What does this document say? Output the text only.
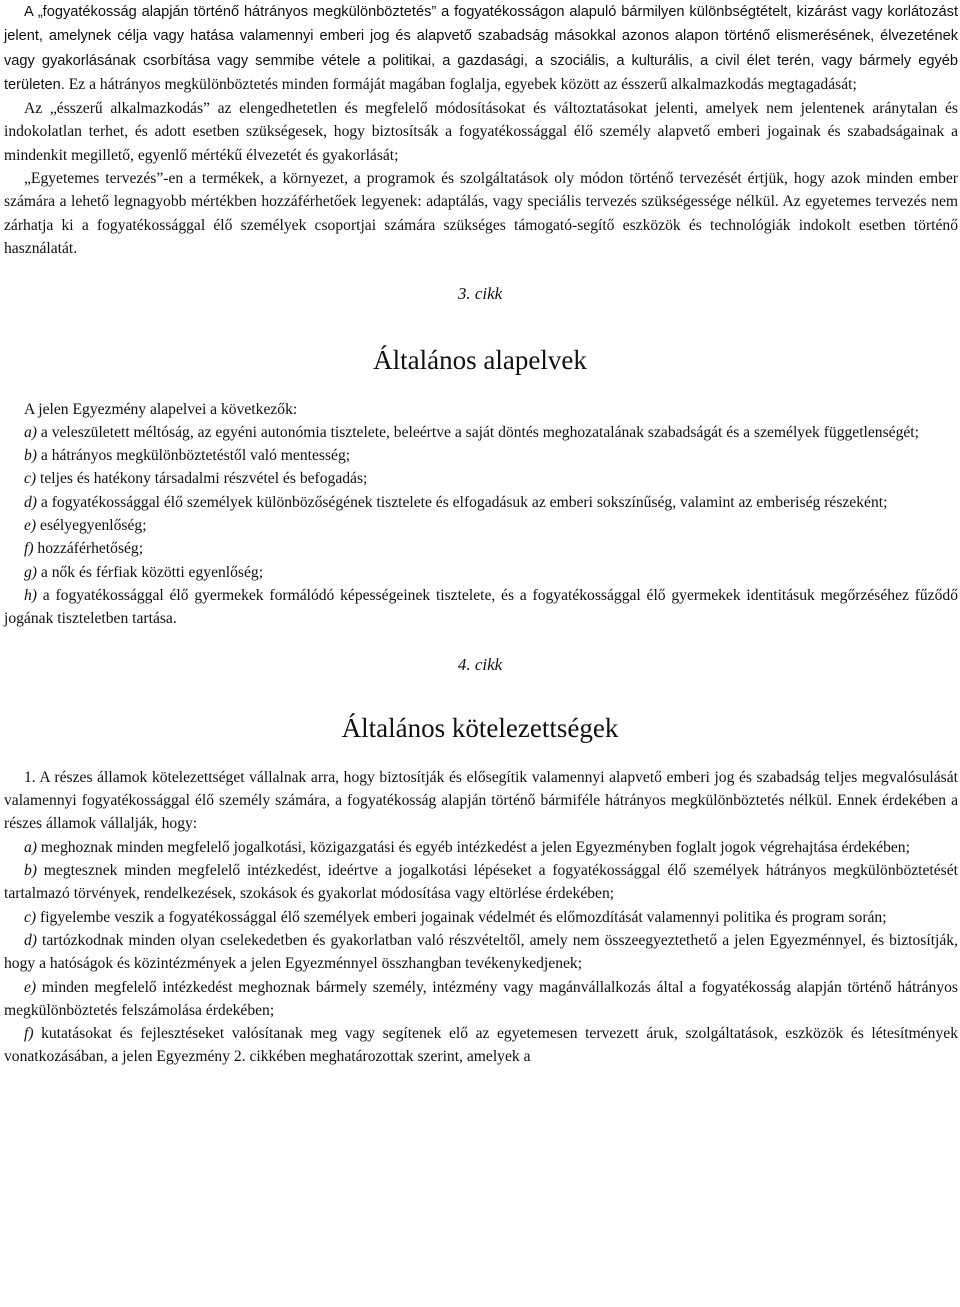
A „fogyatékosság alapján történő hátrányos megkülönböztetés” a fogyatékosságon alapuló bármilyen különbségtételt, kizárást vagy korlátozást jelent, amelynek célja vagy hatása valamennyi emberi jog és alapvető szabadság másokkal azonos alapon történő elismerésének, élvezetének vagy gyakorlásának csorbítása vagy semmibe vétele a politikai, a gazdasági, a szociális, a kulturális, a civil élet terén, vagy bármely egyéb területen. Ez a hátrányos megkülönböztetés minden formáját magában foglalja, egyebek között az ésszerű alkalmazkodás megtagadását;

Az „ésszerű alkalmazkodás” az elengedhetetlen és megfelelő módosításokat és változtatásokat jelenti, amelyek nem jelentenek aránytalan és indokolatlan terhet, és adott esetben szükségesek, hogy biztosítsák a fogyatékossággal élő személy alapvető emberi jogainak és szabadságainak a mindenkit megillető, egyenlő mértékű élvezetét és gyakorlását;

„Egyetemes tervezés”-en a termékek, a környezet, a programok és szolgáltatások oly módon történő tervezését értjük, hogy azok minden ember számára a lehető legnagyobb mértékben hozzáférhetőek legyenek: adaptálás, vagy speciális tervezés szükségessége nélkül. Az egyetemes tervezés nem zárhatja ki a fogyatékossággal élő személyek csoportjai számára szükséges támogató-segítő eszközök és technológiák indokolt esetben történő használatát.

3. cikk

Általános alapelvek

A jelen Egyezmény alapelvei a következők:

a) a veleszületett méltóság, az egyéni autonómia tisztelete, beleértve a saját döntés meghozatalának szabadságát és a személyek függetlenségét;

b) a hátrányos megkülönböztetéstől való mentesség;

c) teljes és hatékony társadalmi részvétel és befogadás;

d) a fogyatékossággal élő személyek különbözőségének tisztelete és elfogadásuk az emberi sokszínűség, valamint az emberiség részeként;

e) esélyegyenlőség;

f) hozzáférhetőség;

g) a nők és férfiak közötti egyenlőség;

h) a fogyatékossággal élő gyermekek formálódó képességeinek tisztelete, és a fogyatékossággal élő gyermekek identitásuk megőrzéséhez fűződő jogának tiszteletben tartása.

4. cikk

Általános kötelezettségek

1. A részes államok kötelezettséget vállalnak arra, hogy biztosítják és elősegítik valamennyi alapvető emberi jog és szabadság teljes megvalósulását valamennyi fogyatékossággal élő személy számára, a fogyatékosság alapján történő bármiféle hátrányos megkülönböztetés nélkül. Ennek érdekében a részes államok vállalják, hogy:

a) meghoznak minden megfelelő jogalkotási, közigazgatási és egyéb intézkedést a jelen Egyezményben foglalt jogok végrehajtása érdekében;

b) megtesznek minden megfelelő intézkedést, ideértve a jogalkotási lépéseket a fogyatékossággal élő személyek hátrányos megkülönböztetését tartalmazó törvények, rendelkezések, szokások és gyakorlat módosítása vagy eltörlése érdekében;

c) figyelembe veszik a fogyatékossággal élő személyek emberi jogainak védelmét és előmozdítását valamennyi politika és program során;

d) tartózkodnak minden olyan cselekedetben és gyakorlatban való részvételtől, amely nem összeegyeztethető a jelen Egyezménnyel, és biztosítják, hogy a hatóságok és közintézmények a jelen Egyezménnyel összhangban tevékenykedjenek;

e) minden megfelelő intézkedést meghoznak bármely személy, intézmény vagy magánvállalkozás által a fogyatékosság alapján történő hátrányos megkülönböztetés felszámolása érdekében;

f) kutatásokat és fejlesztéseket valósítanak meg vagy segítenek elő az egyetemesen tervezett áruk, szolgáltatások, eszközök és létesítmények vonatkozásában, a jelen Egyezmény 2. cikkében meghatározottak szerint, amelyek a
